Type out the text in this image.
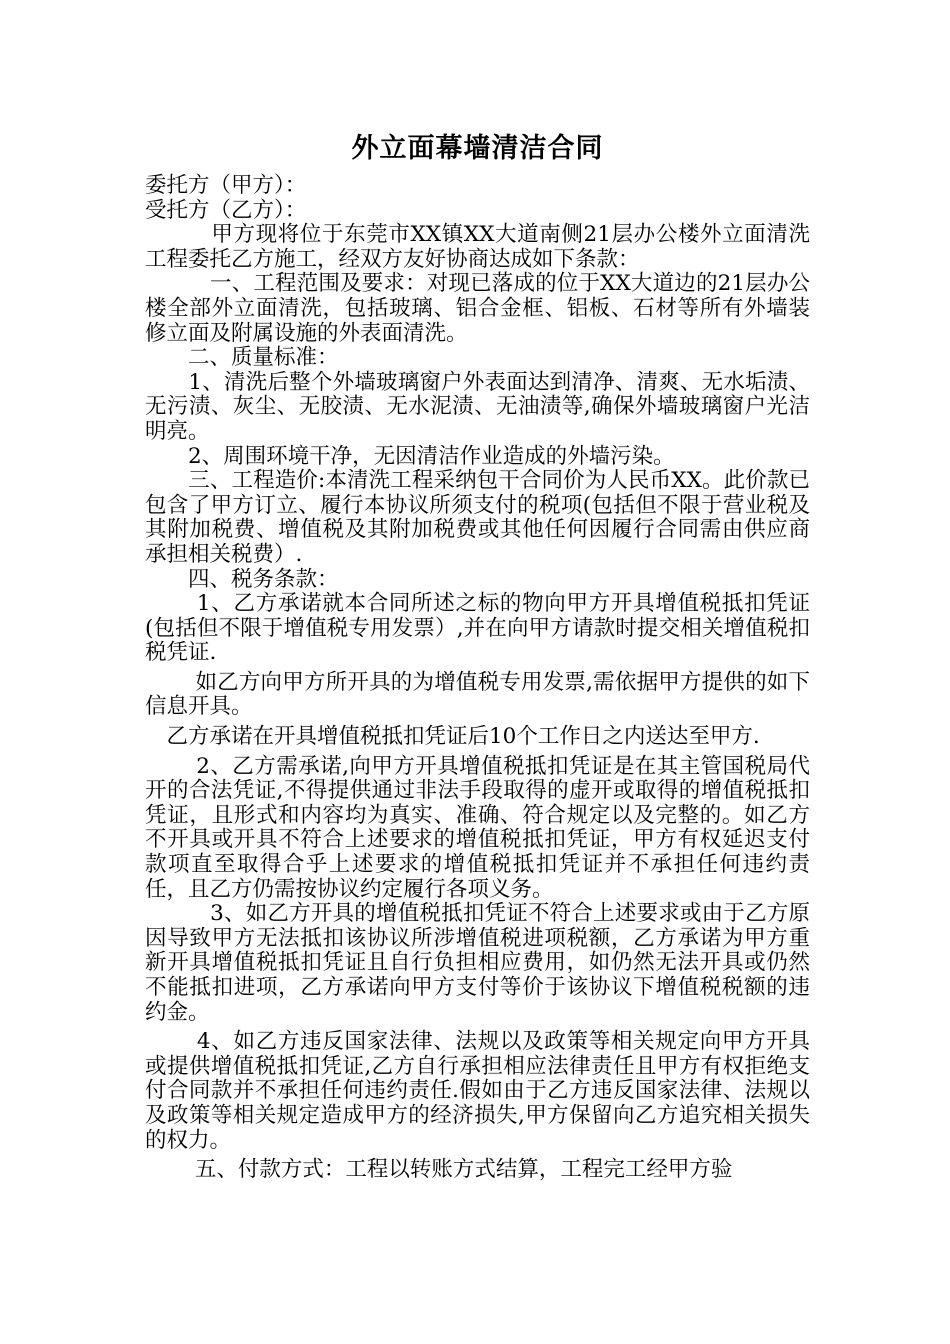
外立面幕墙清洁合同

委托方（甲方）：

受托方（乙方）：

　　　甲方现将位于东莞市XX镇XX大道南侧21层办公楼外立面清洗工程委托乙方施工，经双方友好协商达成如下条款：

　　　一、工程范围及要求：对现已落成的位于XX大道边的21层办公楼全部外立面清洗，包括玻璃、铝合金框、铝板、石材等所有外墙装修立面及附属设施的外表面清洗。

　　二、质量标准：

　　1、清洗后整个外墙玻璃窗户外表面达到清净、清爽、无水垢渍、无污渍、灰尘、无胶渍、无水泥渍、无油渍等,确保外墙玻璃窗户光洁明亮。

　　2、周围环境干净，无因清洁作业造成的外墙污染。

　　三、工程造价:本清洗工程采纳包干合同价为人民币XX。此价款已包含了甲方订立、履行本协议所须支付的税项(包括但不限于营业税及其附加税费、增值税及其附加税费或其他任何因履行合同需由供应商承担相关税费）.

　　四、税务条款：

　　 1、乙方承诺就本合同所述之标的物向甲方开具增值税抵扣凭证(包括但不限于增值税专用发票）,并在向甲方请款时提交相关增值税扣税凭证.

　　 如乙方向甲方所开具的为增值税专用发票,需依据甲方提供的如下信息开具。

　乙方承诺在开具增值税抵扣凭证后10个工作日之内送达至甲方.

　　 2、乙方需承诺,向甲方开具增值税抵扣凭证是在其主管国税局代开的合法凭证,不得提供通过非法手段取得的虚开或取得的增值税抵扣凭证，且形式和内容均为真实、准确、符合规定以及完整的。如乙方不开具或开具不符合上述要求的增值税抵扣凭证，甲方有权延迟支付款项直至取得合乎上述要求的增值税抵扣凭证并不承担任何违约责任，且乙方仍需按协议约定履行各项义务。

　　　3、如乙方开具的增值税抵扣凭证不符合上述要求或由于乙方原因导致甲方无法抵扣该协议所涉增值税进项税额，乙方承诺为甲方重新开具增值税抵扣凭证且自行负担相应费用，如仍然无法开具或仍然不能抵扣进项，乙方承诺向甲方支付等价于该协议下增值税税额的违约金。

　　 4、如乙方违反国家法律、法规以及政策等相关规定向甲方开具或提供增值税抵扣凭证,乙方自行承担相应法律责任且甲方有权拒绝支付合同款并不承担任何违约责任.假如由于乙方违反国家法律、法规以及政策等相关规定造成甲方的经济损失,甲方保留向乙方追究相关损失的权力。

　　 五、付款方式：工程以转账方式结算，工程完工经甲方验
